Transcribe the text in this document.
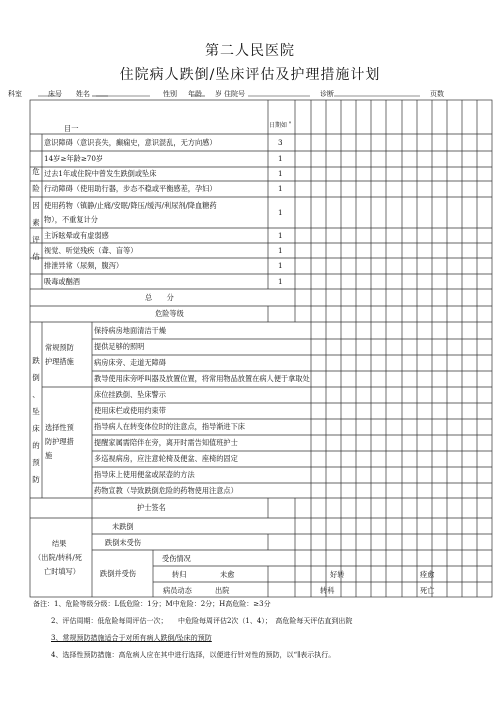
第二人民医院
住院病人跌倒/坠床评估及护理措施计划
科室	床号 姓名	性别 年龄 岁 住院号	诊断	页数
目一	日期如＂
危
险
因
素
评
估
意识障碍（意识丧失，癫痫史，意识混乱，无方向感）	3
14岁≥年龄≥70岁	1
过去1年或住院中曾发生跌倒或坠床	1
行动障碍（使用助行器，步态不稳或平衡感差，孕妇）	1
使用药物（镇静/止痛/安眠/降压/缓泻/利尿剂/降血糖药
物），不重复计分
1
主诉眩晕或有虚弱感	1
视觉、听觉残疾（聋、盲等）	1
排泄异常（尿频，腹泻）	1
吸毒或酗酒	1
总　　分
危险等级
跌
倒
、
坠
床
的
预
防
常规预防
护理措施
保持病房地面清洁干燥
提供足够的照明
病房床旁、走道无障碍
教导使用床旁呼叫器及放置位置，将常用物品放置在病人便于拿取处
选择性预
防护理措
施
床位挂跌倒、坠床警示
使用床栏或使用约束带
指导病人在转变体位时的注意点，指导渐进下床
提醒家属需陪伴在旁，离开时需告知值班护士
多巡视病房，应注意轮椅及便盆、座椅的固定
指导床上使用便盆或尿壶的方法
药物宣教（导致跌倒危险的药物使用注意点）
护士签名
结果
（出院/转科/死
亡时填写）
未跌倒
跌倒未受伤
跌倒并受伤
受伤情况
转归	未愈	好转	痊愈
病员动态	出院	转科	死亡
备注：1、危险等级分级：L低危险：1分；M中危险：2分；H高危险：≥3分
2、评估周期：低危险每周评估一次；　　中危险每周评估2次（1、4）；　高危险每天评估直到出院
3、常规预防措施适合于对所有病人跌倒/坠床的预防
4、选择性预防措施：高危病人应在其中进行选择，以便进行针对性的预防，以“∥表示执行。
